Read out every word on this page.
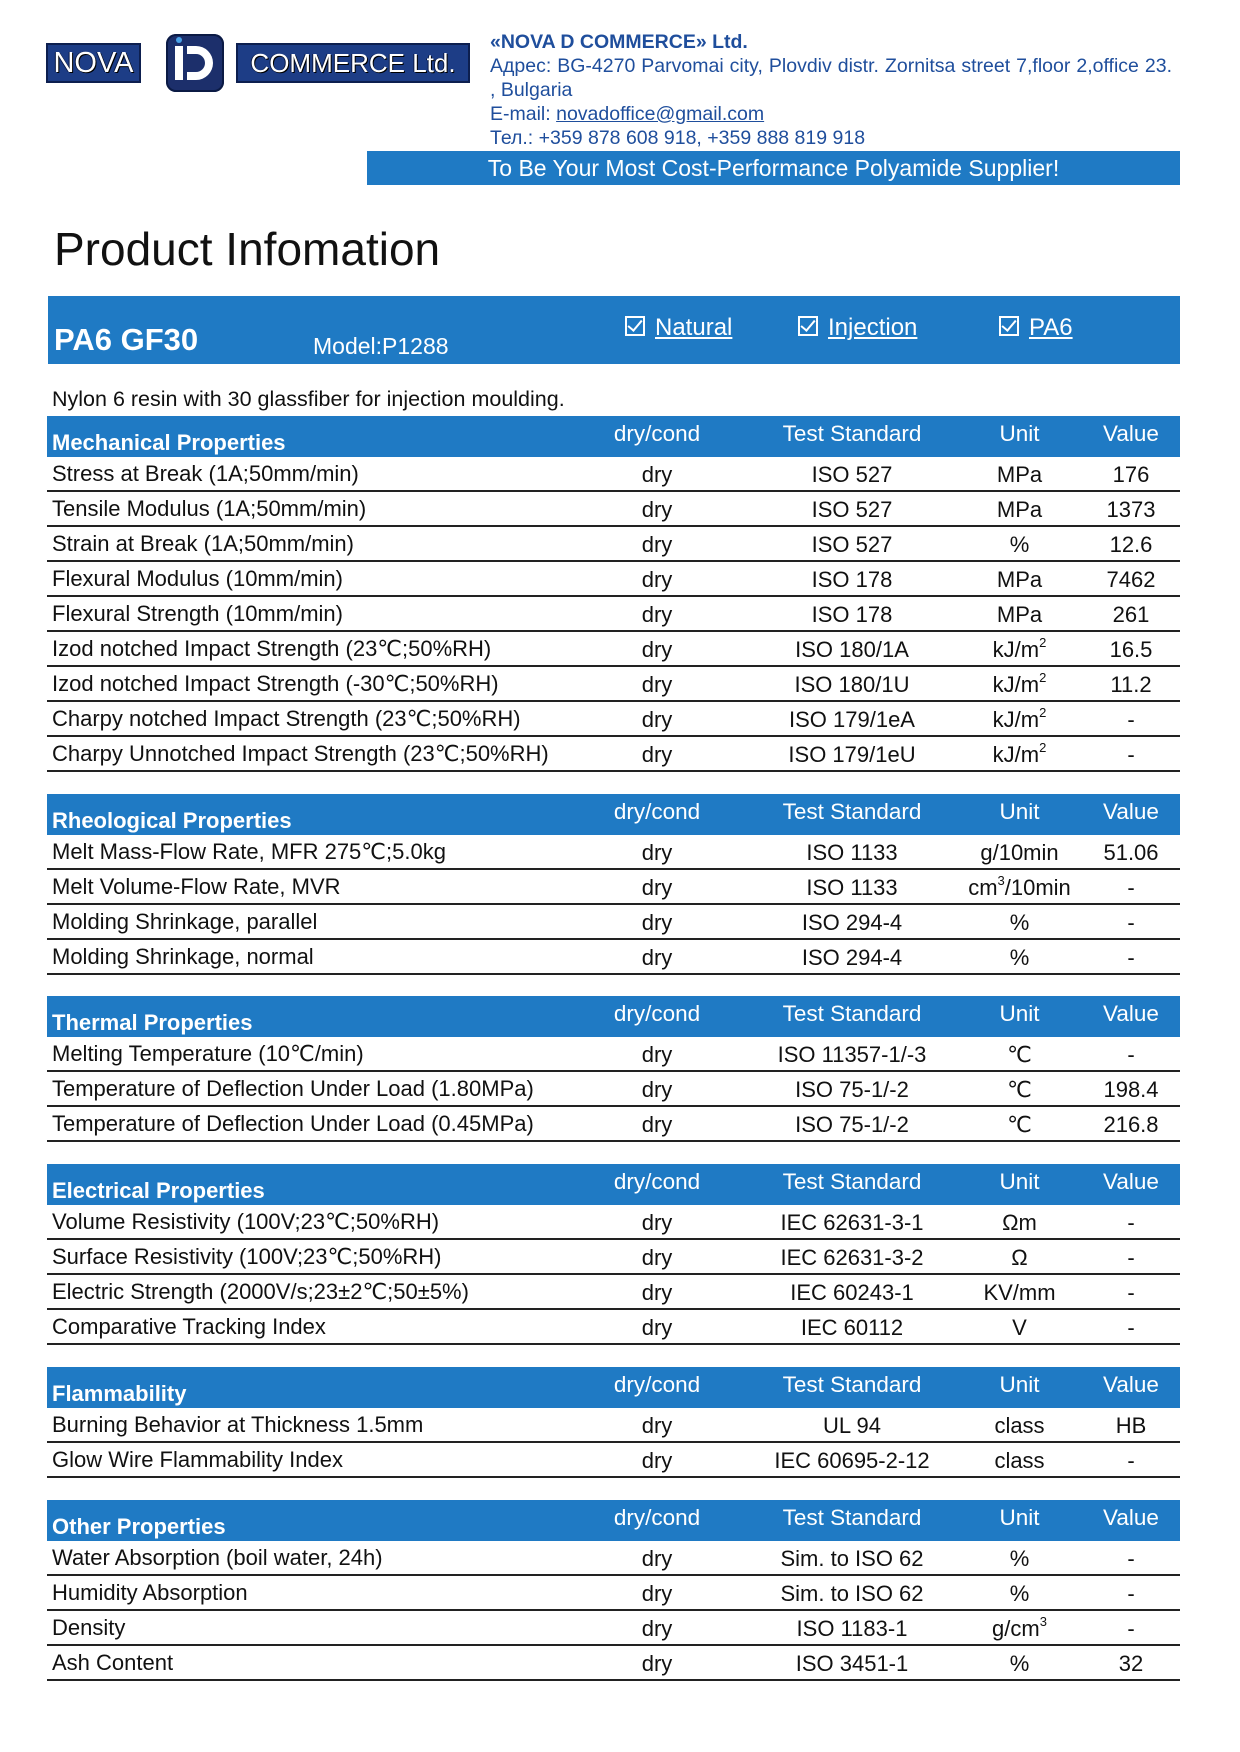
NOVA	COMMERCE Ltd.
«NOVA D COMMERCE» Ltd.
Адрес: BG-4270 Parvomai city, Plovdiv distr. Zornitsa street 7,floor 2,office 23. , Bulgaria
E-mail: novadoffice@gmail.com
Тел.: +359 878 608 918, +359 888 819 918
To Be Your Most Cost-Performance Polyamide Supplier!
Product Infomation
PA6 GF30	Model:P1288
Natural	Injection	PA6
Nylon 6 resin with 30 glassfiber for injection moulding.
Mechanical Properties	dry/cond	Test Standard	Unit	Value
Stress at Break (1A;50mm/min)	dry	ISO 527	MPa	176
Tensile Modulus (1A;50mm/min)	dry	ISO 527	MPa	1373
Strain at Break (1A;50mm/min)	dry	ISO 527	%	12.6
Flexural Modulus (10mm/min)	dry	ISO 178	MPa	7462
Flexural Strength (10mm/min)	dry	ISO 178	MPa	261
Izod notched Impact Strength (23℃;50%RH)	dry	ISO 180/1A	$kJ/m^2$	16.5
Izod notched Impact Strength (-30℃;50%RH)	dry	ISO 180/1U	$kJ/m^2$	11.2
Charpy notched Impact Strength (23℃;50%RH)	dry	ISO 179/1eA	$kJ/m^2$	-
Charpy Unnotched Impact Strength (23℃;50%RH)	dry	ISO 179/1eU	$kJ/m^2$	-
Rheological Properties	dry/cond	Test Standard	Unit	Value
Melt Mass-Flow Rate, MFR 275℃;5.0kg	dry	ISO 1133	g/10min	51.06
Melt Volume-Flow Rate, MVR	dry	ISO 1133	$cm^3/10\min$	-
Molding Shrinkage, parallel	dry	ISO 294-4	%	-
Molding Shrinkage, normal	dry	ISO 294-4	%	-
Thermal Properties	dry/cond	Test Standard	Unit	Value
Melting Temperature (10℃/min)	dry	ISO 11357-1/-3	℃	-
Temperature of Deflection Under Load (1.80MPa)	dry	ISO 75-1/-2	℃	198.4
Temperature of Deflection Under Load (0.45MPa)	dry	ISO 75-1/-2	℃	216.8
Electrical Properties	dry/cond	Test Standard	Unit	Value
Volume Resistivity (100V;23℃;50%RH)	dry	IEC 62631-3-1	Ωm	-
Surface Resistivity (100V;23℃;50%RH)	dry	IEC 62631-3-2	Ω	-
Electric Strength (2000V/s;23±2℃;50±5%)	dry	IEC 60243-1	KV/mm	-
Comparative Tracking Index	dry	IEC 60112	V	-
Flammability	dry/cond	Test Standard	Unit	Value
Burning Behavior at Thickness 1.5mm	dry	UL 94	class	HB
Glow Wire Flammability Index	dry	IEC 60695-2-12	class	-
Other Properties	dry/cond	Test Standard	Unit	Value
Water Absorption (boil water, 24h)	dry	Sim. to ISO 62	%	-
Humidity Absorption	dry	Sim. to ISO 62	%	-
Density	dry	ISO 1183-1	$g/cm^3$	-
Ash Content	dry	ISO 3451-1	%	32
